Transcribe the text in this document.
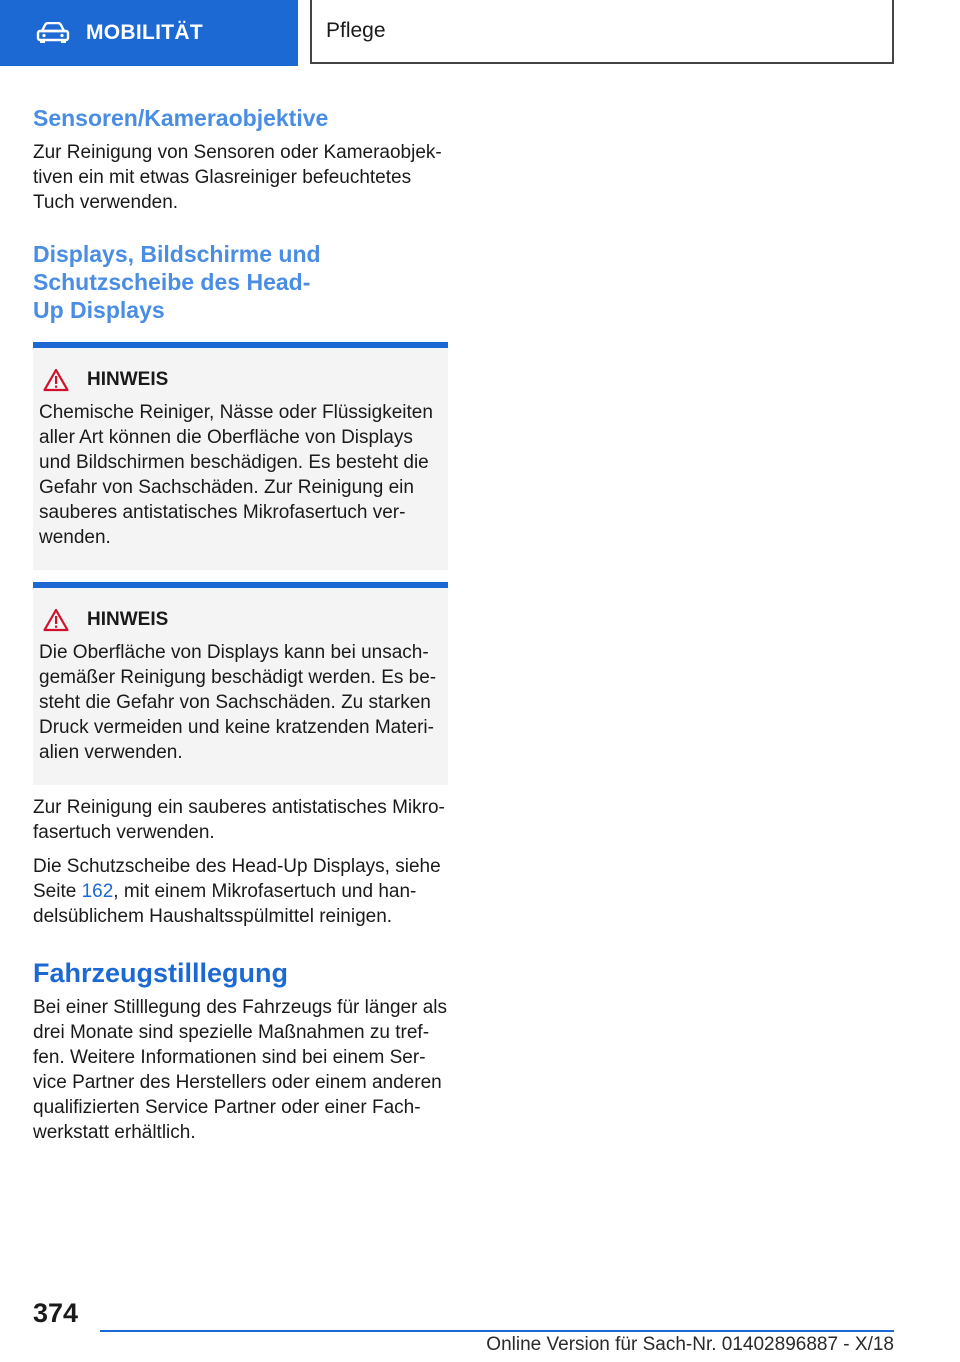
MOBILITÄT	Pflege
Sensoren/Kameraobjektive

Zur Reinigung von Sensoren oder Kameraobjek-
tiven ein mit etwas Glasreiniger befeuchtetes
Tuch verwenden.

Displays, Bildschirme und
Schutzscheibe des Head-
Up Displays
HINWEIS

Chemische Reiniger, Nässe oder Flüssigkeiten
aller Art können die Oberfläche von Displays
und Bildschirmen beschädigen. Es besteht die
Gefahr von Sachschäden. Zur Reinigung ein
sauberes antistatisches Mikrofasertuch ver-
wenden.

HINWEIS

Die Oberfläche von Displays kann bei unsach-
gemäßer Reinigung beschädigt werden. Es be-
steht die Gefahr von Sachschäden. Zu starken
Druck vermeiden und keine kratzenden Materi-
alien verwenden.

Zur Reinigung ein sauberes antistatisches Mikro-
fasertuch verwenden.

Die Schutzscheibe des Head-Up Displays, siehe
Seite 162, mit einem Mikrofasertuch und han-
delsüblichem Haushaltsspülmittel reinigen.

Fahrzeugstilllegung

Bei einer Stilllegung des Fahrzeugs für länger als
drei Monate sind spezielle Maßnahmen zu tref-
fen. Weitere Informationen sind bei einem Ser-
vice Partner des Herstellers oder einem anderen
qualifizierten Service Partner oder einer Fach-
werkstatt erhältlich.

374
Online Version für Sach-Nr. 01402896887 - X/18
